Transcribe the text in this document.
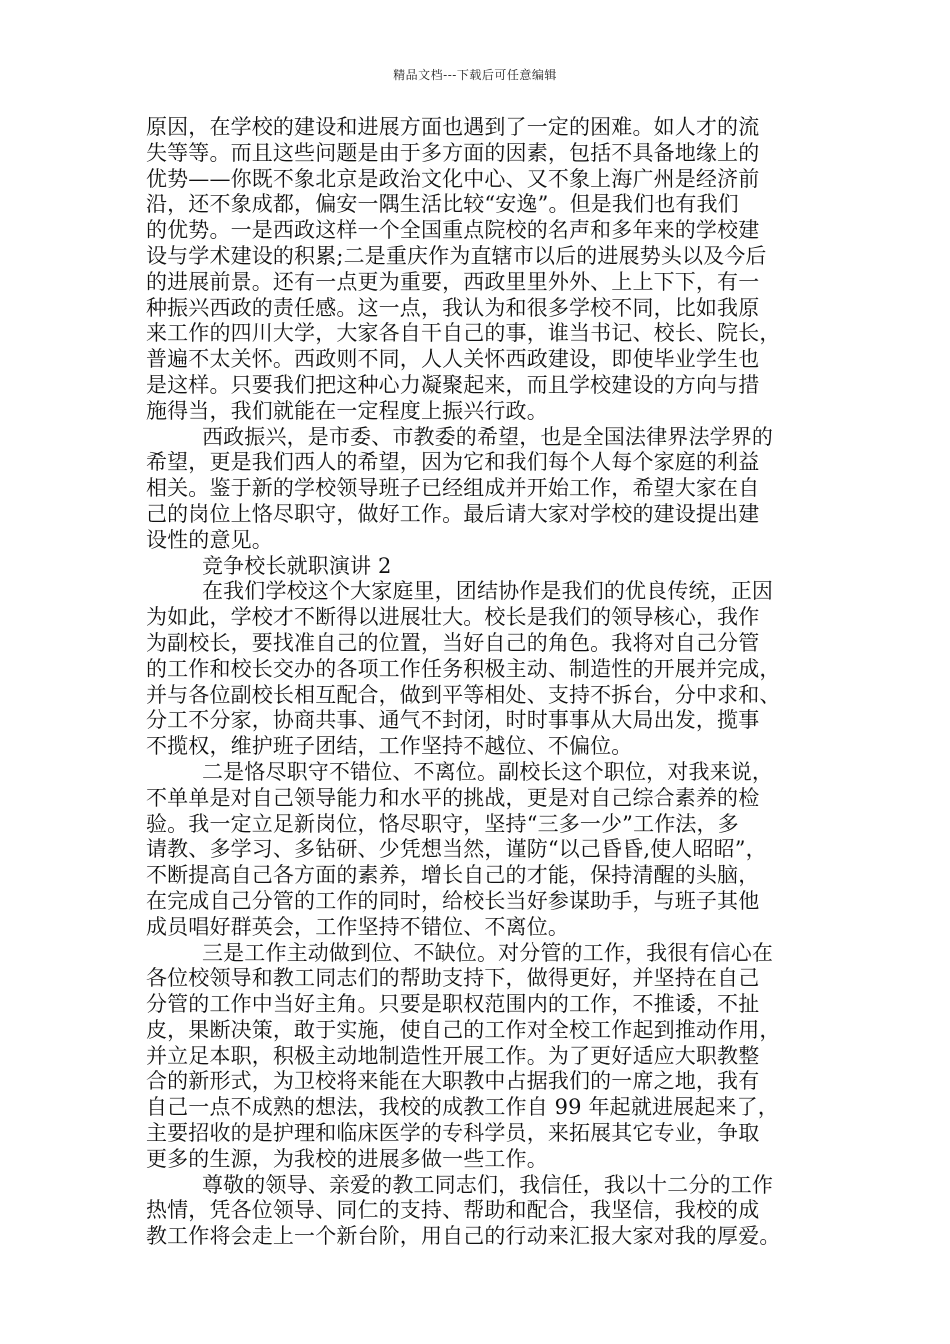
精品文档---下载后可任意编辑
原因，在学校的建设和进展方面也遇到了一定的困难。如人才的流
失等等。而且这些问题是由于多方面的因素，包括不具备地缘上的
优势——你既不象北京是政治文化中心、又不象上海广州是经济前
沿，还不象成都，偏安一隅生活比较“安逸”。但是我们也有我们
的优势。一是西政这样一个全国重点院校的名声和多年来的学校建
设与学术建设的积累;二是重庆作为直辖市以后的进展势头以及今后
的进展前景。还有一点更为重要，西政里里外外、上上下下，有一
种振兴西政的责任感。这一点，我认为和很多学校不同，比如我原
来工作的四川大学，大家各自干自己的事，谁当书记、校长、院长，
普遍不太关怀。西政则不同，人人关怀西政建设，即使毕业学生也
是这样。只要我们把这种心力凝聚起来，而且学校建设的方向与措
施得当，我们就能在一定程度上振兴行政。
西政振兴，是市委、市教委的希望，也是全国法律界法学界的
希望，更是我们西人的希望，因为它和我们每个人每个家庭的利益
相关。鉴于新的学校领导班子已经组成并开始工作，希望大家在自
己的岗位上恪尽职守，做好工作。最后请大家对学校的建设提出建
设性的意见。
竞争校长就职演讲 2
在我们学校这个大家庭里，团结协作是我们的优良传统，正因
为如此，学校才不断得以进展壮大。校长是我们的领导核心，我作
为副校长，要找准自己的位置，当好自己的角色。我将对自己分管
的工作和校长交办的各项工作任务积极主动、制造性的开展并完成，
并与各位副校长相互配合，做到平等相处、支持不拆台，分中求和、
分工不分家，协商共事、通气不封闭，时时事事从大局出发，揽事
不揽权，维护班子团结，工作坚持不越位、不偏位。
二是恪尽职守不错位、不离位。副校长这个职位，对我来说，
不单单是对自己领导能力和水平的挑战，更是对自己综合素养的检
验。我一定立足新岗位，恪尽职守，坚持“三多一少”工作法，多
请教、多学习、多钻研、少凭想当然，谨防“以己昏昏,使人昭昭”，
不断提高自己各方面的素养，增长自己的才能，保持清醒的头脑，
在完成自己分管的工作的同时，给校长当好参谋助手，与班子其他
成员唱好群英会，工作坚持不错位、不离位。
三是工作主动做到位、不缺位。对分管的工作，我很有信心在
各位校领导和教工同志们的帮助支持下，做得更好，并坚持在自己
分管的工作中当好主角。只要是职权范围内的工作，不推诿，不扯
皮，果断决策，敢于实施，使自己的工作对全校工作起到推动作用，
并立足本职，积极主动地制造性开展工作。为了更好适应大职教整
合的新形式，为卫校将来能在大职教中占据我们的一席之地，我有
自己一点不成熟的想法，我校的成教工作自 99 年起就进展起来了，
主要招收的是护理和临床医学的专科学员，来拓展其它专业，争取
更多的生源，为我校的进展多做一些工作。
尊敬的领导、亲爱的教工同志们，我信任，我以十二分的工作
热情，凭各位领导、同仁的支持、帮助和配合，我坚信，我校的成
教工作将会走上一个新台阶，用自己的行动来汇报大家对我的厚爱。
